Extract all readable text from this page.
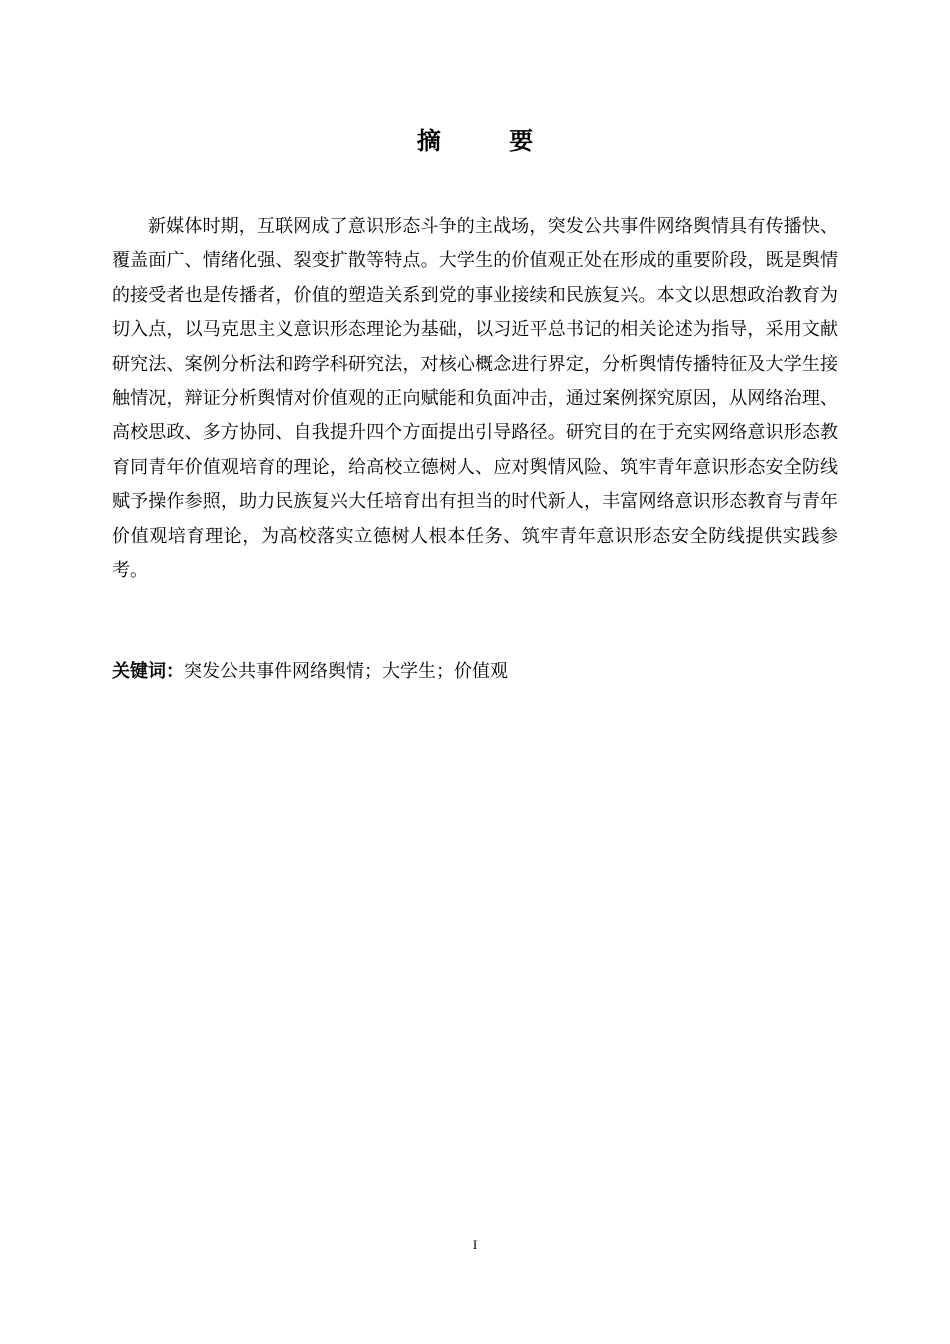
摘 要

新媒体时期，互联网成了意识形态斗争的主战场，突发公共事件网络舆情具有传播快、覆盖面广、情绪化强、裂变扩散等特点。大学生的价值观正处在形成的重要阶段，既是舆情的接受者也是传播者，价值的塑造关系到党的事业接续和民族复兴。本文以思想政治教育为切入点，以马克思主义意识形态理论为基础，以习近平总书记的相关论述为指导，采用文献研究法、案例分析法和跨学科研究法，对核心概念进行界定，分析舆情传播特征及大学生接触情况，辩证分析舆情对价值观的正向赋能和负面冲击，通过案例探究原因，从网络治理、高校思政、多方协同、自我提升四个方面提出引导路径。研究目的在于充实网络意识形态教育同青年价值观培育的理论，给高校立德树人、应对舆情风险、筑牢青年意识形态安全防线赋予操作参照，助力民族复兴大任培育出有担当的时代新人，丰富网络意识形态教育与青年价值观培育理论，为高校落实立德树人根本任务、筑牢青年意识形态安全防线提供实践参考。

关键词：突发公共事件网络舆情；大学生；价值观

I
